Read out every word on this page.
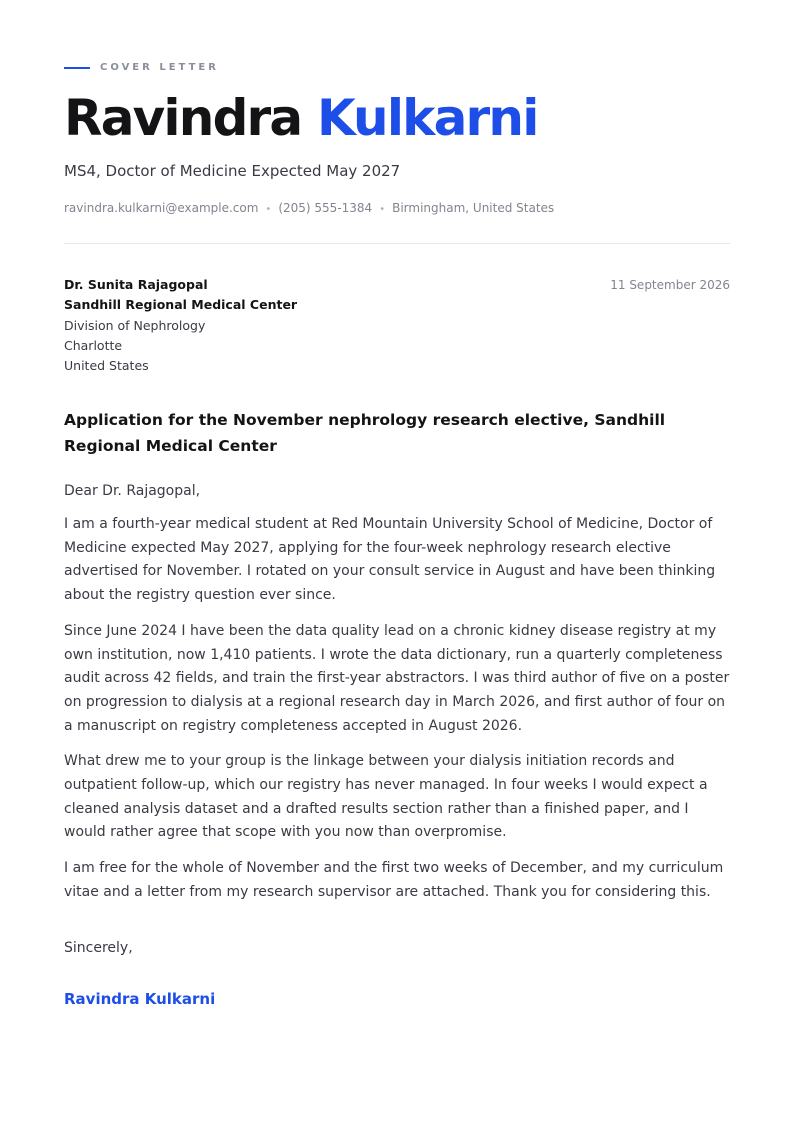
COVER LETTER
Ravindra Kulkarni
MS4, Doctor of Medicine Expected May 2027
ravindra.kulkarni@example.com • (205) 555-1384 • Birmingham, United States
Dr. Sunita Rajagopal
Sandhill Regional Medical Center
Division of Nephrology
Charlotte
United States
11 September 2026
Application for the November nephrology research elective, Sandhill Regional Medical Center
Dear Dr. Rajagopal,

I am a fourth-year medical student at Red Mountain University School of Medicine, Doctor of Medicine expected May 2027, applying for the four-week nephrology research elective advertised for November. I rotated on your consult service in August and have been thinking about the registry question ever since.

Since June 2024 I have been the data quality lead on a chronic kidney disease registry at my own institution, now 1,410 patients. I wrote the data dictionary, run a quarterly completeness audit across 42 fields, and train the first-year abstractors. I was third author of five on a poster on progression to dialysis at a regional research day in March 2026, and first author of four on a manuscript on registry completeness accepted in August 2026.

What drew me to your group is the linkage between your dialysis initiation records and outpatient follow-up, which our registry has never managed. In four weeks I would expect a cleaned analysis dataset and a drafted results section rather than a finished paper, and I would rather agree that scope with you now than overpromise.

I am free for the whole of November and the first two weeks of December, and my curriculum vitae and a letter from my research supervisor are attached. Thank you for considering this.

Sincerely,
Ravindra Kulkarni
